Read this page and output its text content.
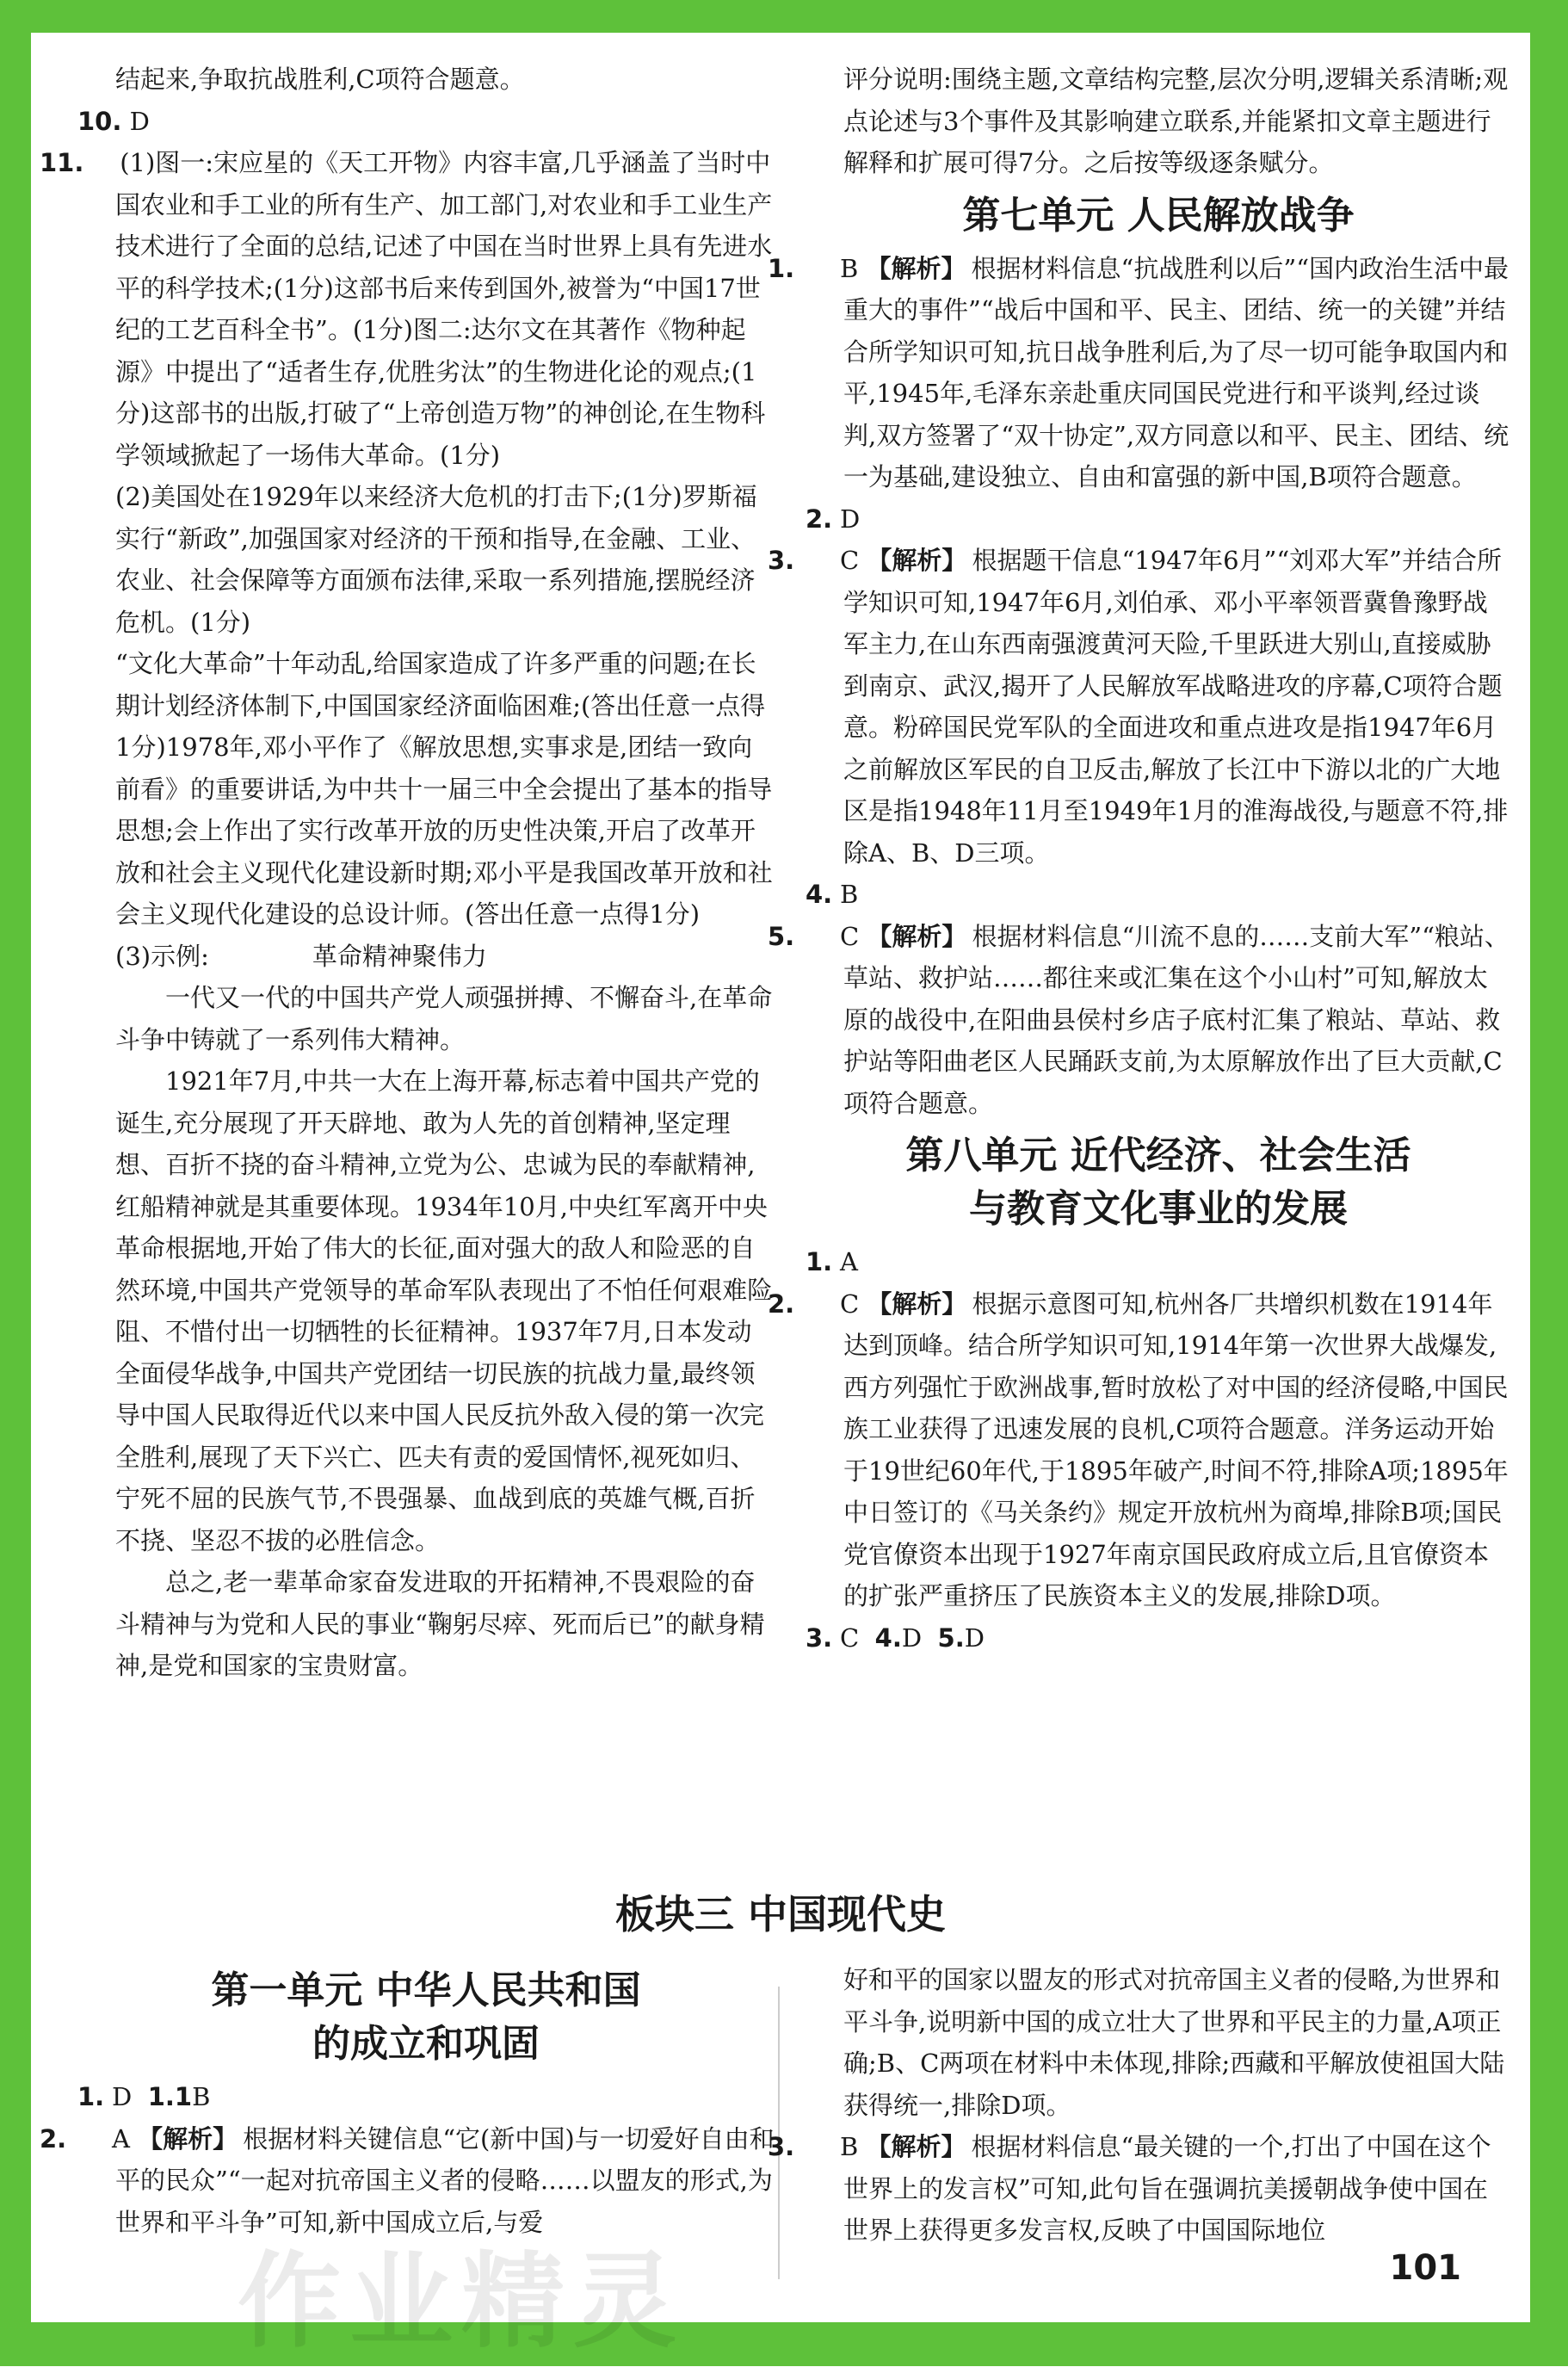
结起来,争取抗战胜利,C项符合题意。

10. D

11. (1)图一:宋应星的《天工开物》内容丰富,几乎涵盖了当时中国农业和手工业的所有生产、加工部门,对农业和手工业生产技术进行了全面的总结,记述了中国在当时世界上具有先进水平的科学技术;(1分)这部书后来传到国外,被誉为“中国17世纪的工艺百科全书”。(1分)图二:达尔文在其著作《物种起源》中提出了“适者生存,优胜劣汰”的生物进化论的观点;(1分)这部书的出版,打破了“上帝创造万物”的神创论,在生物科学领域掀起了一场伟大革命。(1分)

(2)美国处在1929年以来经济大危机的打击下;(1分)罗斯福实行“新政”,加强国家对经济的干预和指导,在金融、工业、农业、社会保障等方面颁布法律,采取一系列措施,摆脱经济危机。(1分)

“文化大革命”十年动乱,给国家造成了许多严重的问题;在长期计划经济体制下,中国国家经济面临困难;(答出任意一点得1分)1978年,邓小平作了《解放思想,实事求是,团结一致向前看》的重要讲话,为中共十一届三中全会提出了基本的指导思想;会上作出了实行改革开放的历史性决策,开启了改革开放和社会主义现代化建设新时期;邓小平是我国改革开放和社会主义现代化建设的总设计师。(答出任意一点得1分)

(3)示例:	革命精神聚伟力

一代又一代的中国共产党人顽强拼搏、不懈奋斗,在革命斗争中铸就了一系列伟大精神。

1921年7月,中共一大在上海开幕,标志着中国共产党的诞生,充分展现了开天辟地、敢为人先的首创精神,坚定理想、百折不挠的奋斗精神,立党为公、忠诚为民的奉献精神,红船精神就是其重要体现。1934年10月,中央红军离开中央革命根据地,开始了伟大的长征,面对强大的敌人和险恶的自然环境,中国共产党领导的革命军队表现出了不怕任何艰难险阻、不惜付出一切牺牲的长征精神。1937年7月,日本发动全面侵华战争,中国共产党团结一切民族的抗战力量,最终领导中国人民取得近代以来中国人民反抗外敌入侵的第一次完全胜利,展现了天下兴亡、匹夫有责的爱国情怀,视死如归、宁死不屈的民族气节,不畏强暴、血战到底的英雄气概,百折不挠、坚忍不拔的必胜信念。

总之,老一辈革命家奋发进取的开拓精神,不畏艰险的奋斗精神与为党和人民的事业“鞠躬尽瘁、死而后已”的献身精神,是党和国家的宝贵财富。

评分说明:围绕主题,文章结构完整,层次分明,逻辑关系清晰;观点论述与3个事件及其影响建立联系,并能紧扣文章主题进行解释和扩展可得7分。之后按等级逐条赋分。

第七单元 人民解放战争

1. B 【解析】 根据材料信息“抗战胜利以后”“国内政治生活中最重大的事件”“战后中国和平、民主、团结、统一的关键”并结合所学知识可知,抗日战争胜利后,为了尽一切可能争取国内和平,1945年,毛泽东亲赴重庆同国民党进行和平谈判,经过谈判,双方签署了“双十协定”,双方同意以和平、民主、团结、统一为基础,建设独立、自由和富强的新中国,B项符合题意。

2. D

3. C 【解析】 根据题干信息“1947年6月”“刘邓大军”并结合所学知识可知,1947年6月,刘伯承、邓小平率领晋冀鲁豫野战军主力,在山东西南强渡黄河天险,千里跃进大别山,直接威胁到南京、武汉,揭开了人民解放军战略进攻的序幕,C项符合题意。粉碎国民党军队的全面进攻和重点进攻是指1947年6月之前解放区军民的自卫反击,解放了长江中下游以北的广大地区是指1948年11月至1949年1月的淮海战役,与题意不符,排除A、B、D三项。

4. B

5. C 【解析】 根据材料信息“川流不息的……支前大军”“粮站、草站、救护站……都往来或汇集在这个小山村”可知,解放太原的战役中,在阳曲县侯村乡店子底村汇集了粮站、草站、救护站等阳曲老区人民踊跃支前,为太原解放作出了巨大贡献,C项符合题意。

第八单元 近代经济、社会生活
与教育文化事业的发展

1. A

2. C 【解析】 根据示意图可知,杭州各厂共增织机数在1914年达到顶峰。结合所学知识可知,1914年第一次世界大战爆发,西方列强忙于欧洲战事,暂时放松了对中国的经济侵略,中国民族工业获得了迅速发展的良机,C项符合题意。洋务运动开始于19世纪60年代,于1895年破产,时间不符,排除A项;1895年中日签订的《马关条约》规定开放杭州为商埠,排除B项;国民党官僚资本出现于1927年南京国民政府成立后,且官僚资本的扩张严重挤压了民族资本主义的发展,排除D项。

3. C 4.D 5.D

板块三 中国现代史
第一单元 中华人民共和国
的成立和巩固

1. D 1.1B

2. A 【解析】 根据材料关键信息“它(新中国)与一切爱好自由和平的民众”“一起对抗帝国主义者的侵略……以盟友的形式,为世界和平斗争”可知,新中国成立后,与爱

好和平的国家以盟友的形式对抗帝国主义者的侵略,为世界和平斗争,说明新中国的成立壮大了世界和平民主的力量,A项正确;B、C两项在材料中未体现,排除;西藏和平解放使祖国大陆获得统一,排除D项。

3. B 【解析】 根据材料信息“最关键的一个,打出了中国在这个世界上的发言权”可知,此句旨在强调抗美援朝战争使中国在世界上获得更多发言权,反映了中国国际地位

作业精灵	101
